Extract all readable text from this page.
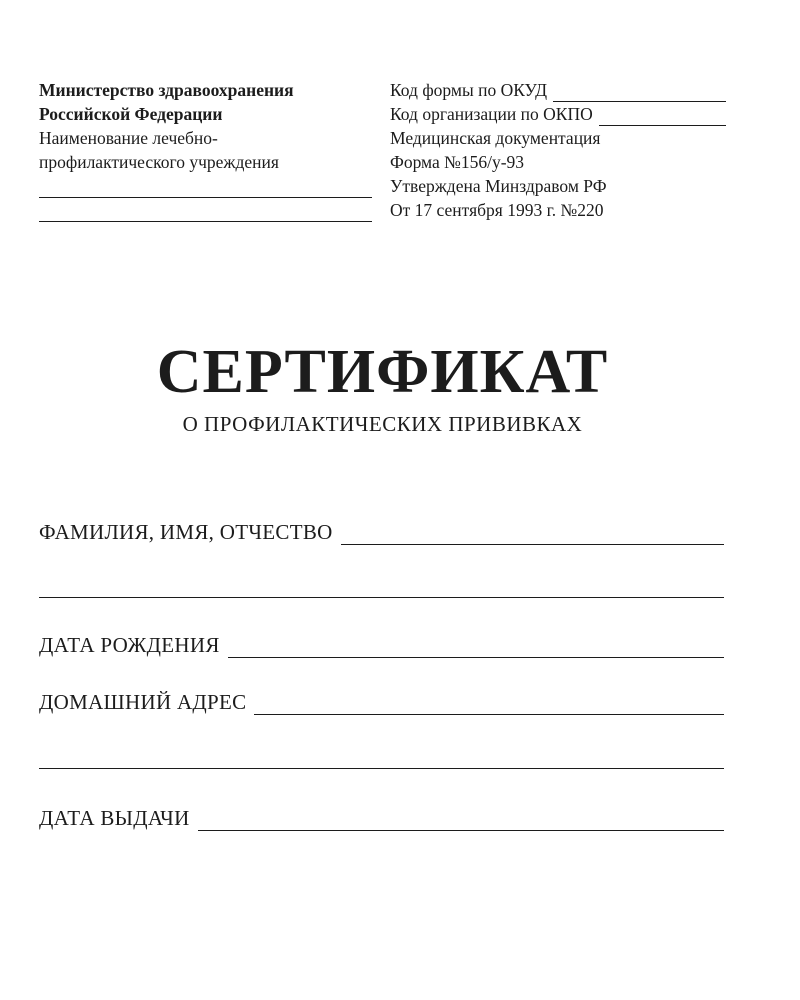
Министерство здравоохранения
Российской Федерации
Наименование лечебно-
профилактического учреждения
Код формы по ОКУД
Код организации по ОКПО
Медицинская документация
Форма №156/у-93
Утверждена Минздравом РФ
От 17 сентября 1993 г. №220
СЕРТИФИКАТ
О ПРОФИЛАКТИЧЕСКИХ ПРИВИВКАХ
ФАМИЛИЯ, ИМЯ, ОТЧЕСТВО
ДАТА РОЖДЕНИЯ
ДОМАШНИЙ АДРЕС
ДАТА ВЫДАЧИ
